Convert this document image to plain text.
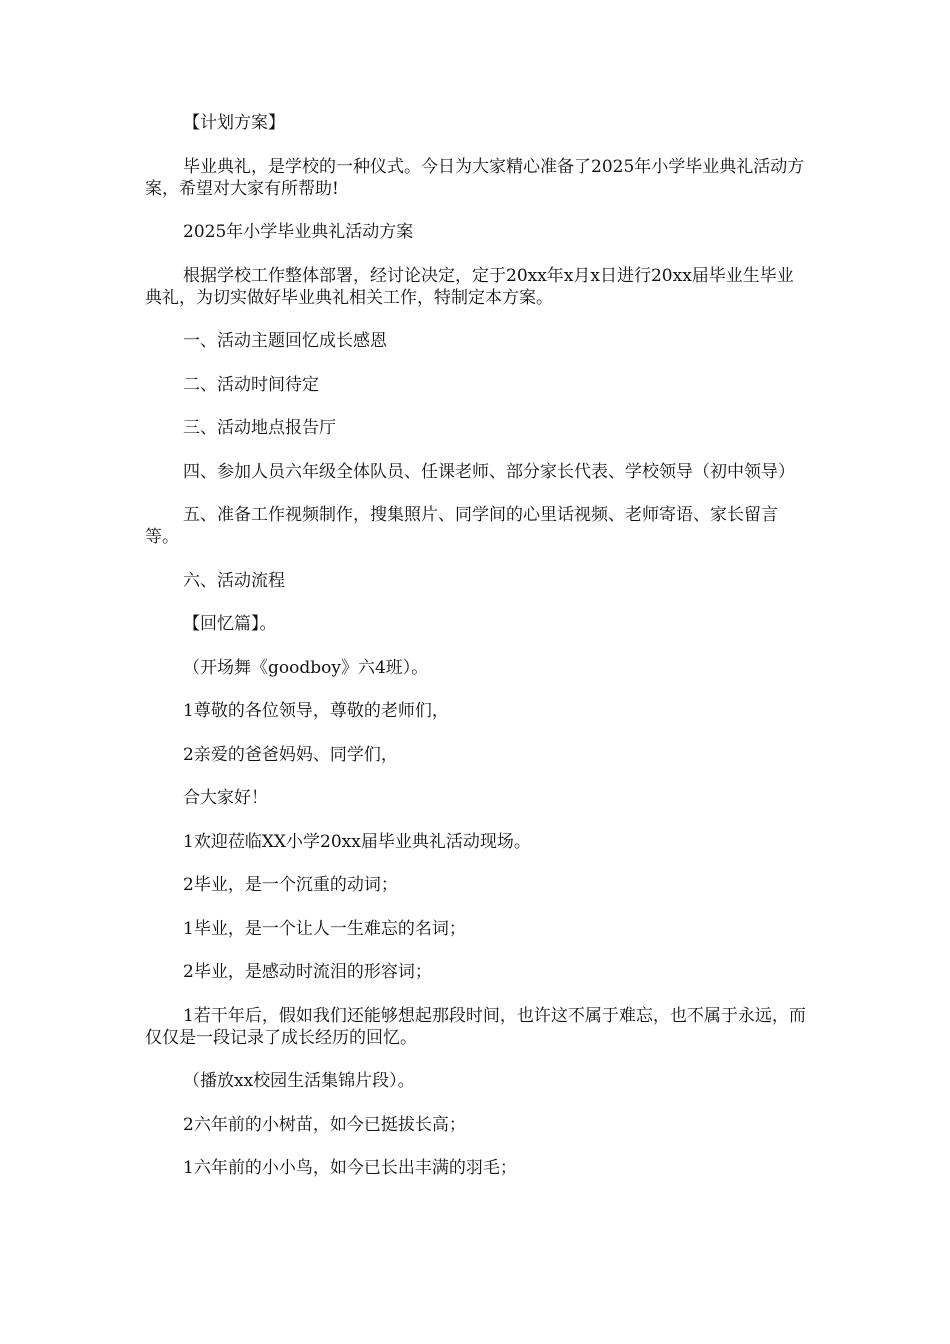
【计划方案】

毕业典礼，是学校的一种仪式。今日为大家精心准备了2025年小学毕业典礼活动方案，希望对大家有所帮助!

2025年小学毕业典礼活动方案

根据学校工作整体部署，经讨论决定，定于20xx年x月x日进行20xx届毕业生毕业典礼，为切实做好毕业典礼相关工作，特制定本方案。

一、活动主题回忆成长感恩

二、活动时间待定

三、活动地点报告厅

四、参加人员六年级全体队员、任课老师、部分家长代表、学校领导（初中领导）

五、准备工作视频制作，搜集照片、同学间的心里话视频、老师寄语、家长留言等。

六、活动流程

【回忆篇】。

（开场舞《goodboy》六4班）。

1尊敬的各位领导，尊敬的老师们，

2亲爱的爸爸妈妈、同学们，

合大家好！

1欢迎莅临XX小学20xx届毕业典礼活动现场。

2毕业，是一个沉重的动词；

1毕业，是一个让人一生难忘的名词；

2毕业，是感动时流泪的形容词；

1若干年后，假如我们还能够想起那段时间，也许这不属于难忘，也不属于永远，而仅仅是一段记录了成长经历的回忆。

（播放xx校园生活集锦片段）。

2六年前的小树苗，如今已挺拔长高；

1六年前的小小鸟，如今已长出丰满的羽毛；
